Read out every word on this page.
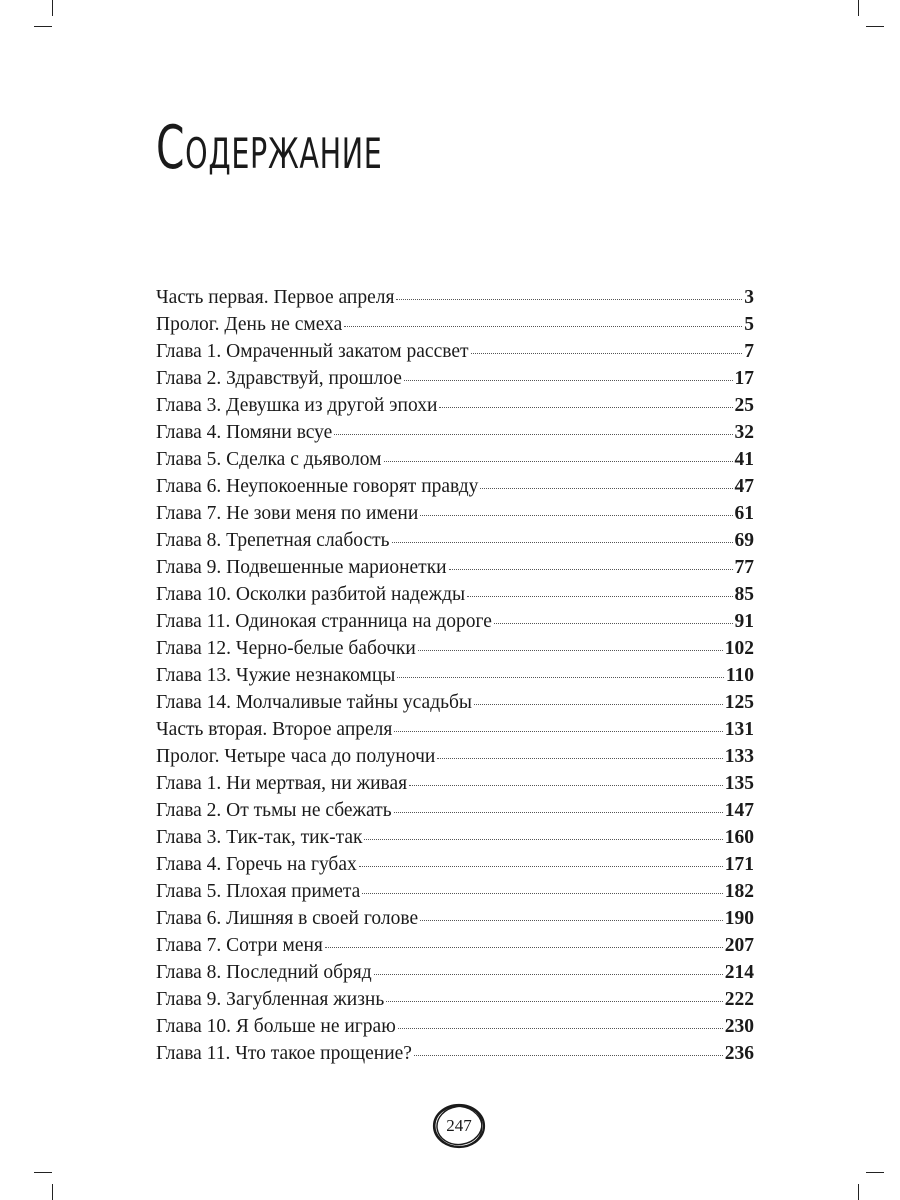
Содержание
Часть первая. Первое апреля	3
Пролог. День не смеха	5
Глава 1. Омраченный закатом рассвет	7
Глава 2. Здравствуй, прошлое	17
Глава 3. Девушка из другой эпохи	25
Глава 4. Помяни всуе	32
Глава 5. Сделка с дьяволом	41
Глава 6. Неупокоенные говорят правду	47
Глава 7. Не зови меня по имени	61
Глава 8. Трепетная слабость	69
Глава 9. Подвешенные марионетки	77
Глава 10. Осколки разбитой надежды	85
Глава 11. Одинокая странница на дороге	91
Глава 12. Черно-белые бабочки	102
Глава 13. Чужие незнакомцы	110
Глава 14. Молчаливые тайны усадьбы	125
Часть вторая. Второе апреля	131
Пролог. Четыре часа до полуночи	133
Глава 1. Ни мертвая, ни живая	135
Глава 2. От тьмы не сбежать	147
Глава 3. Тик-так, тик-так	160
Глава 4. Горечь на губах	171
Глава 5. Плохая примета	182
Глава 6. Лишняя в своей голове	190
Глава 7. Сотри меня	207
Глава 8. Последний обряд	214
Глава 9. Загубленная жизнь	222
Глава 10. Я больше не играю	230
Глава 11. Что такое прощение?	236
247
